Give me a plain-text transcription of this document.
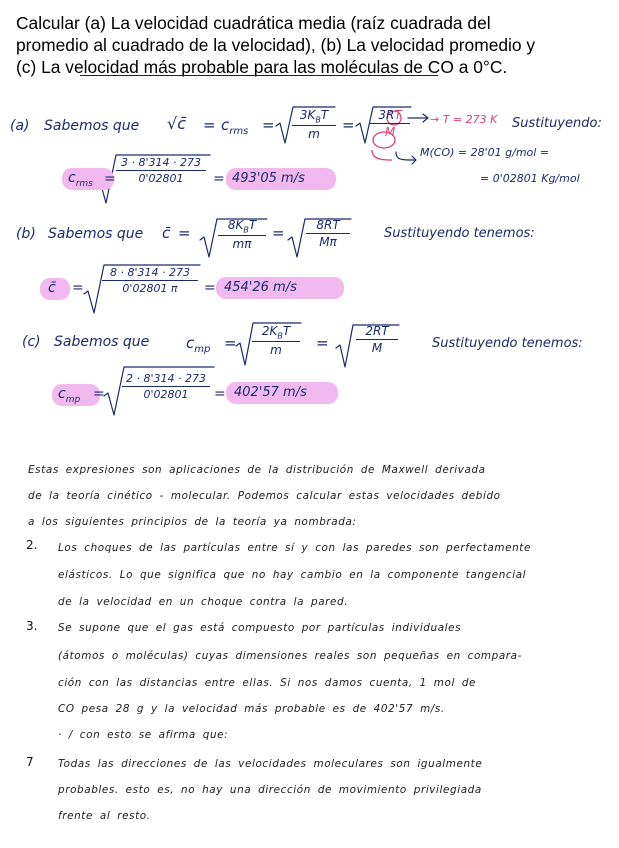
Calcular (a) La velocidad cuadrática media (raíz cuadrada del
promedio al cuadrado de la velocidad), (b) La velocidad promedio y
(c) La velocidad más probable para las moléculas de CO a 0°C.
(a) Sabemos que √c̄ = $c_{rms}$ =
$3K_BT$
m
=
3RT
M
→ T = 273 K Sustituyendo:
M(CO) = 28'01 g/mol =
= 0'02801 Kg/mol
$c_{rms}$ =
3 · 8'314 · 273
0'02801	= 493'05 m/s
(b) Sabemos que c̄ =	$8K_BT$
mπ
=	8RT
Mπ
Sustituyendo tenemos:
c̄ =
8 · 8'314 · 273
0'02801 π	= 454'26 m/s
(c) Sabemos que $c_{mp}$ =
$2K_BT$
m	=
2RT
M	Sustituyendo tenemos:
$c_{mp}$ =
2 · 8'314 · 273
0'02801	= 402'57 m/s
Estas expresiones son aplicaciones de la distribución de Maxwell derivada
de la teoría cinético - molecular. Podemos calcular estas velocidades debido
a los siguientes principios de la teoría ya nombrada:
2. Los choques de las partículas entre sí y con las paredes son perfectamente
elásticos. Lo que significa que no hay cambio en la componente tangencial
de la velocidad en un choque contra la pared.
3. Se supone que el gas está compuesto por partículas individuales
(átomos o moléculas) cuyas dimensiones reales son pequeñas en compara-
ción con las distancias entre ellas. Si nos damos cuenta, 1 mol de
CO pesa 28 g y la velocidad más probable es de 402'57 m/s.
· / con esto se afirma que:
7 Todas las direcciones de las velocidades moleculares son igualmente
probables. esto es, no hay una dirección de movimiento privilegiada
frente al resto.
